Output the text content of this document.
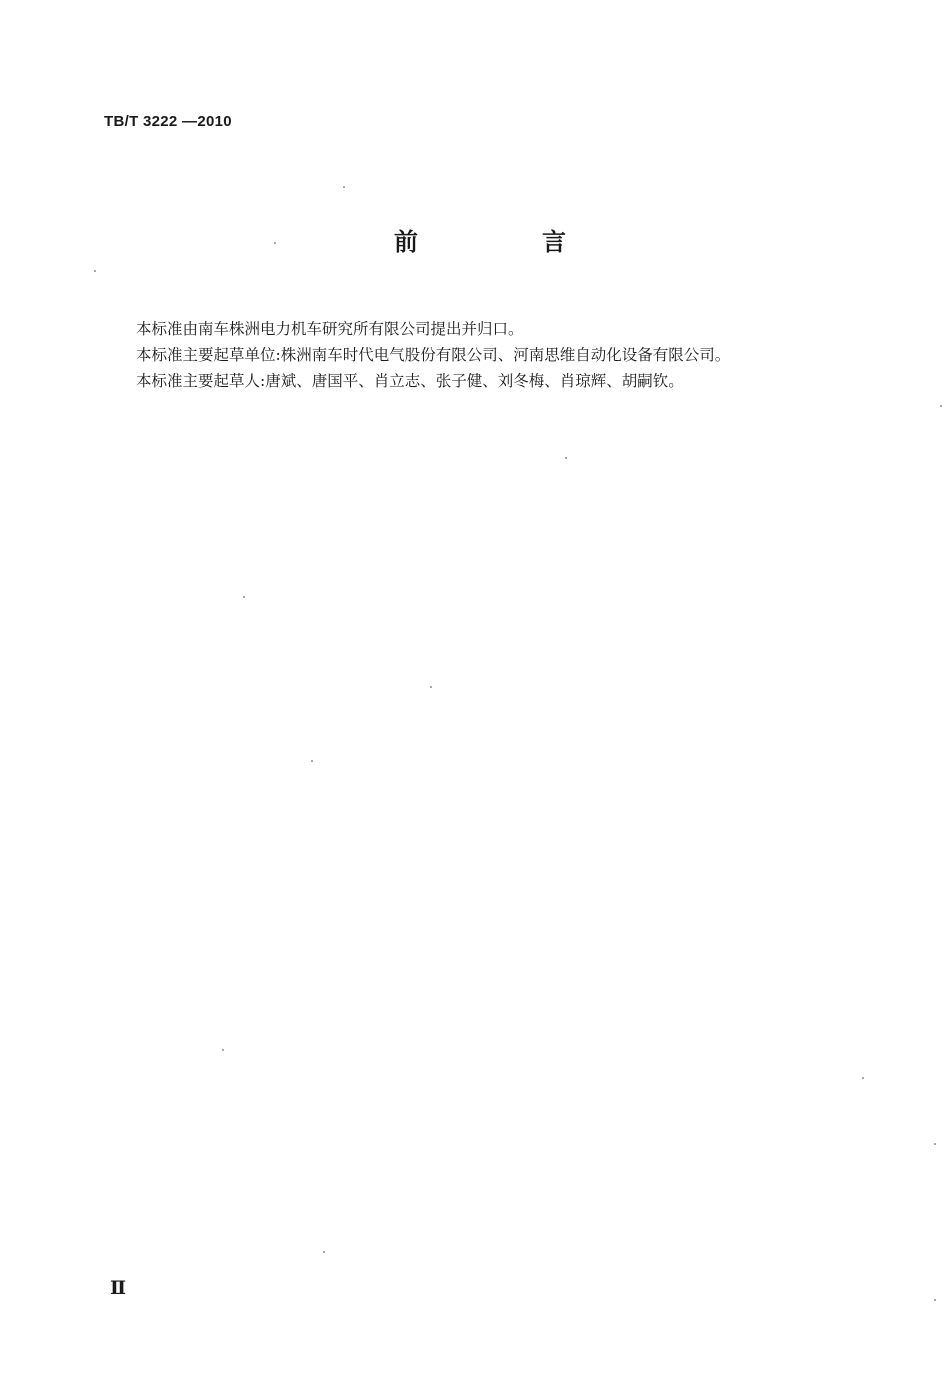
TB/T 3222 —2010
前　言

本标准由南车株洲电力机车研究所有限公司提出并归口。

本标准主要起草单位:株洲南车时代电气股份有限公司、河南思维自动化设备有限公司。

本标准主要起草人:唐斌、唐国平、肖立志、张子健、刘冬梅、肖琼辉、胡嗣钦。

Ⅱ
